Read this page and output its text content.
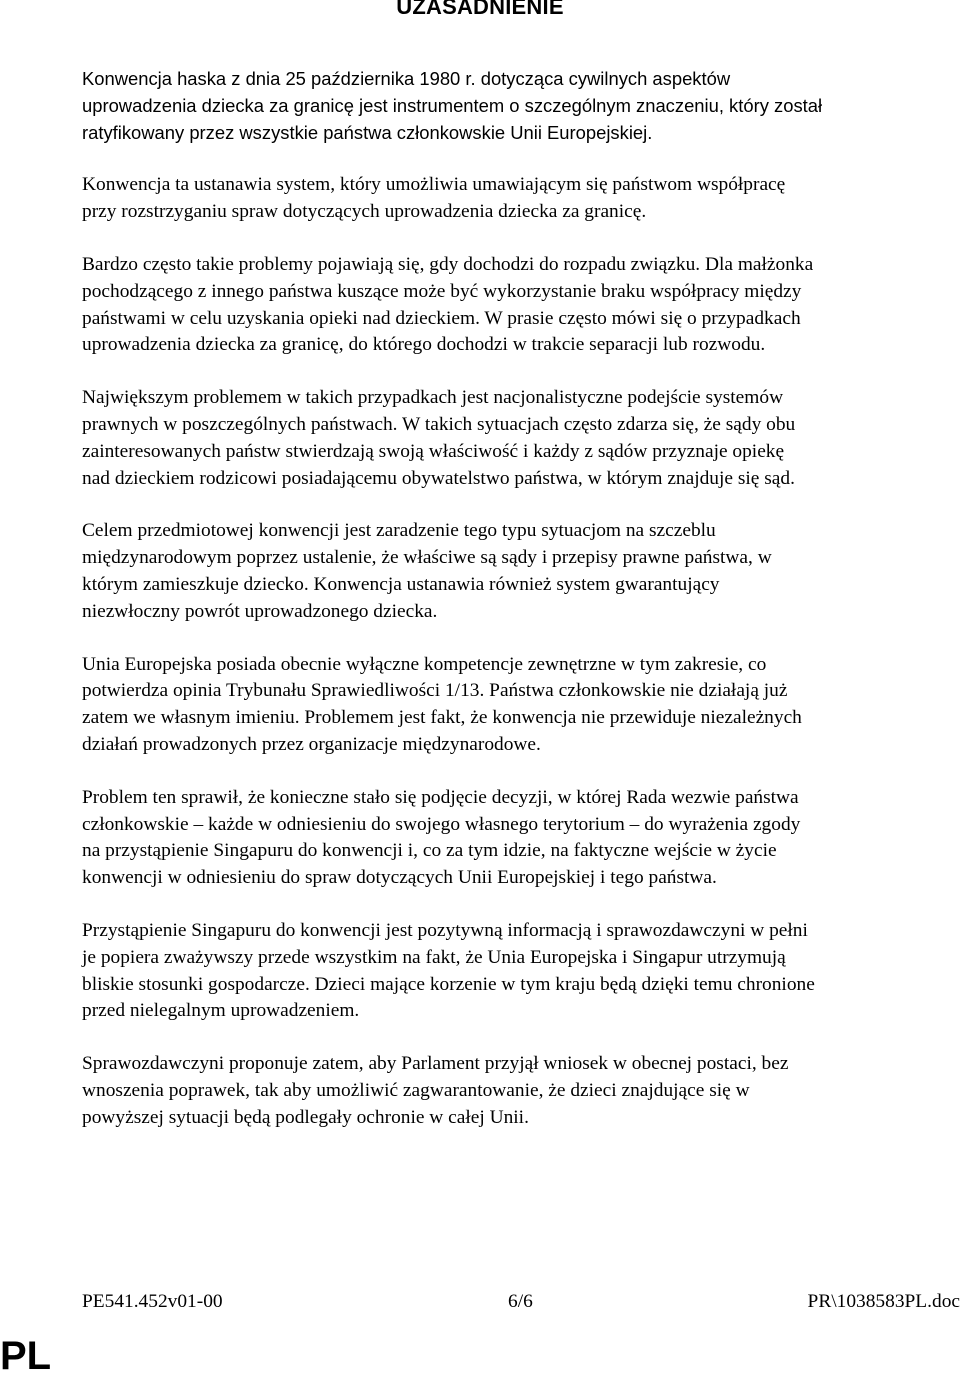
UZASADNIENIE
Konwencja haska z dnia 25 października 1980 r. dotycząca cywilnych aspektów
uprowadzenia dziecka za granicę jest instrumentem o szczególnym znaczeniu, który został
ratyfikowany przez wszystkie państwa członkowskie Unii Europejskiej.
Konwencja ta ustanawia system, który umożliwia umawiającym się państwom współpracę
przy rozstrzyganiu spraw dotyczących uprowadzenia dziecka za granicę.
Bardzo często takie problemy pojawiają się, gdy dochodzi do rozpadu związku. Dla małżonka
pochodzącego z innego państwa kuszące może być wykorzystanie braku współpracy między
państwami w celu uzyskania opieki nad dzieckiem. W prasie często mówi się o przypadkach
uprowadzenia dziecka za granicę, do którego dochodzi w trakcie separacji lub rozwodu.
Największym problemem w takich przypadkach jest nacjonalistyczne podejście systemów
prawnych w poszczególnych państwach. W takich sytuacjach często zdarza się, że sądy obu
zainteresowanych państw stwierdzają swoją właściwość i każdy z sądów przyznaje opiekę
nad dzieckiem rodzicowi posiadającemu obywatelstwo państwa, w którym znajduje się sąd.
Celem przedmiotowej konwencji jest zaradzenie tego typu sytuacjom na szczeblu
międzynarodowym poprzez ustalenie, że właściwe są sądy i przepisy prawne państwa, w
którym zamieszkuje dziecko. Konwencja ustanawia również system gwarantujący
niezwłoczny powrót uprowadzonego dziecka.
Unia Europejska posiada obecnie wyłączne kompetencje zewnętrzne w tym zakresie, co
potwierdza opinia Trybunału Sprawiedliwości 1/13. Państwa członkowskie nie działają już
zatem we własnym imieniu. Problemem jest fakt, że konwencja nie przewiduje niezależnych
działań prowadzonych przez organizacje międzynarodowe.
Problem ten sprawił, że konieczne stało się podjęcie decyzji, w której Rada wezwie państwa
członkowskie – każde w odniesieniu do swojego własnego terytorium – do wyrażenia zgody
na przystąpienie Singapuru do konwencji i, co za tym idzie, na faktyczne wejście w życie
konwencji w odniesieniu do spraw dotyczących Unii Europejskiej i tego państwa.
Przystąpienie Singapuru do konwencji jest pozytywną informacją i sprawozdawczyni w pełni
je popiera zważywszy przede wszystkim na fakt, że Unia Europejska i Singapur utrzymują
bliskie stosunki gospodarcze. Dzieci mające korzenie w tym kraju będą dzięki temu chronione
przed nielegalnym uprowadzeniem.
Sprawozdawczyni proponuje zatem, aby Parlament przyjął wniosek w obecnej postaci, bez
wnoszenia poprawek, tak aby umożliwić zagwarantowanie, że dzieci znajdujące się w
powyższej sytuacji będą podlegały ochronie w całej Unii.
PE541.452v01-00	6/6	PR\1038583PL.doc
PL
